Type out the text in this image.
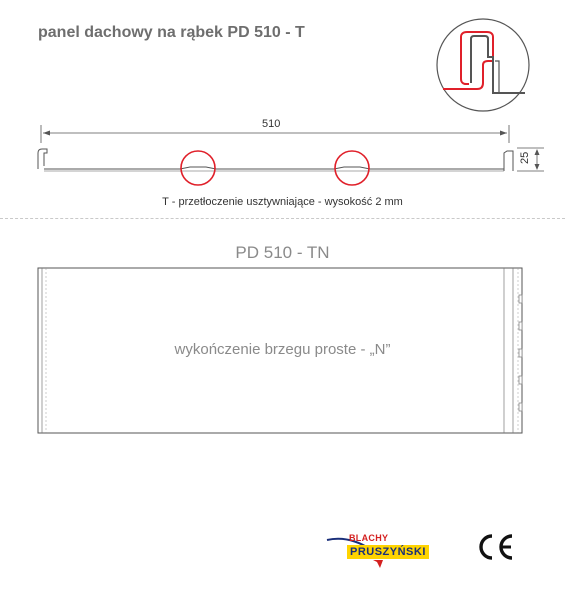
panel dachowy na rąbek PD 510 - T
510
25
T - przetłoczenie usztywniające - wysokość 2 mm
PD 510 - TN
wykończenie brzegu proste - „N”
BLACHY
PRUSZYŃSKI
